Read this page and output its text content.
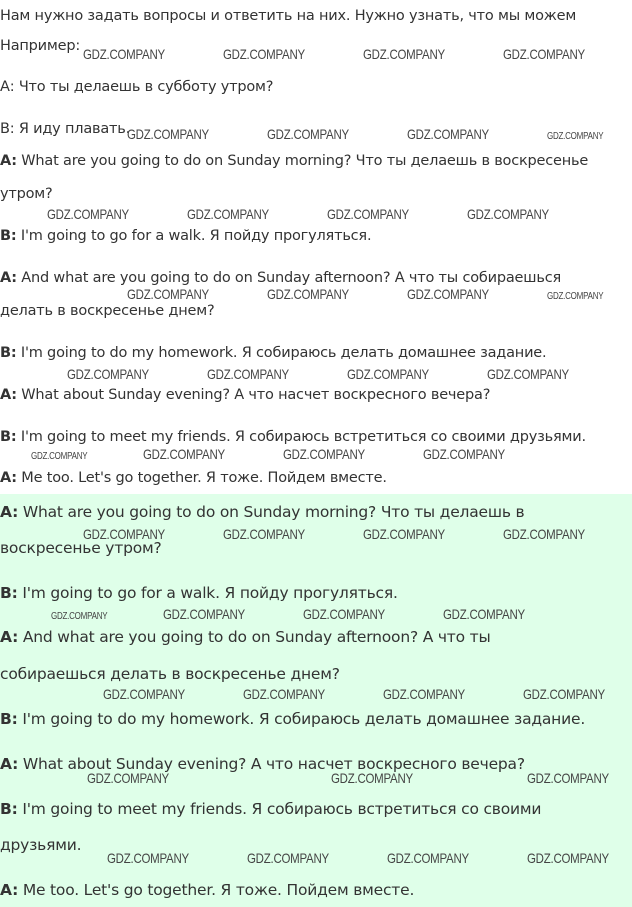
Нам нужно задать вопросы и ответить на них. Нужно узнать, что мы можем
Например:
А: Что ты делаешь в субботу утром?
В: Я иду плавать.
A: What are you going to do on Sunday morning? Что ты делаешь в воскресенье
утром?
B: I'm going to go for a walk. Я пойду прогуляться.
A: And what are you going to do on Sunday afternoon? А что ты собираешься
делать в воскресенье днем?
B: I'm going to do my homework. Я собираюсь делать домашнее задание.
A: What about Sunday evening? А что насчет воскресного вечера?
B: I'm going to meet my friends. Я собираюсь встретиться со своими друзьями.
A: Me too. Let's go together. Я тоже. Пойдем вместе.
A: What are you going to do on Sunday morning? Что ты делаешь в
воскресенье утром?
B: I'm going to go for a walk. Я пойду прогуляться.
A: And what are you going to do on Sunday afternoon? А что ты
собираешься делать в воскресенье днем?
B: I'm going to do my homework. Я собираюсь делать домашнее задание.
A: What about Sunday evening? А что насчет воскресного вечера?
B: I'm going to meet my friends. Я собираюсь встретиться со своими
друзьями.
A: Me too. Let's go together. Я тоже. Пойдем вместе.
GDZ.COMPANY	GDZ.COMPANY	GDZ.COMPANY	GDZ.COMPANY
GDZ.COMPANY	GDZ.COMPANY	GDZ.COMPANY	GDZ.COMPANY
GDZ.COMPANY	GDZ.COMPANY	GDZ.COMPANY	GDZ.COMPANY
GDZ.COMPANY	GDZ.COMPANY	GDZ.COMPANY	GDZ.COMPANY
GDZ.COMPANY	GDZ.COMPANY	GDZ.COMPANY	GDZ.COMPANY
GDZ.COMPANY	GDZ.COMPANY	GDZ.COMPANY	GDZ.COMPANY
GDZ.COMPANY	GDZ.COMPANY	GDZ.COMPANY	GDZ.COMPANY
GDZ.COMPANY	GDZ.COMPANY	GDZ.COMPANY	GDZ.COMPANY
GDZ.COMPANY	GDZ.COMPANY	GDZ.COMPANY	GDZ.COMPANY
GDZ.COMPANY	GDZ.COMPANY	GDZ.COMPANY
GDZ.COMPANY	GDZ.COMPANY	GDZ.COMPANY	GDZ.COMPANY
